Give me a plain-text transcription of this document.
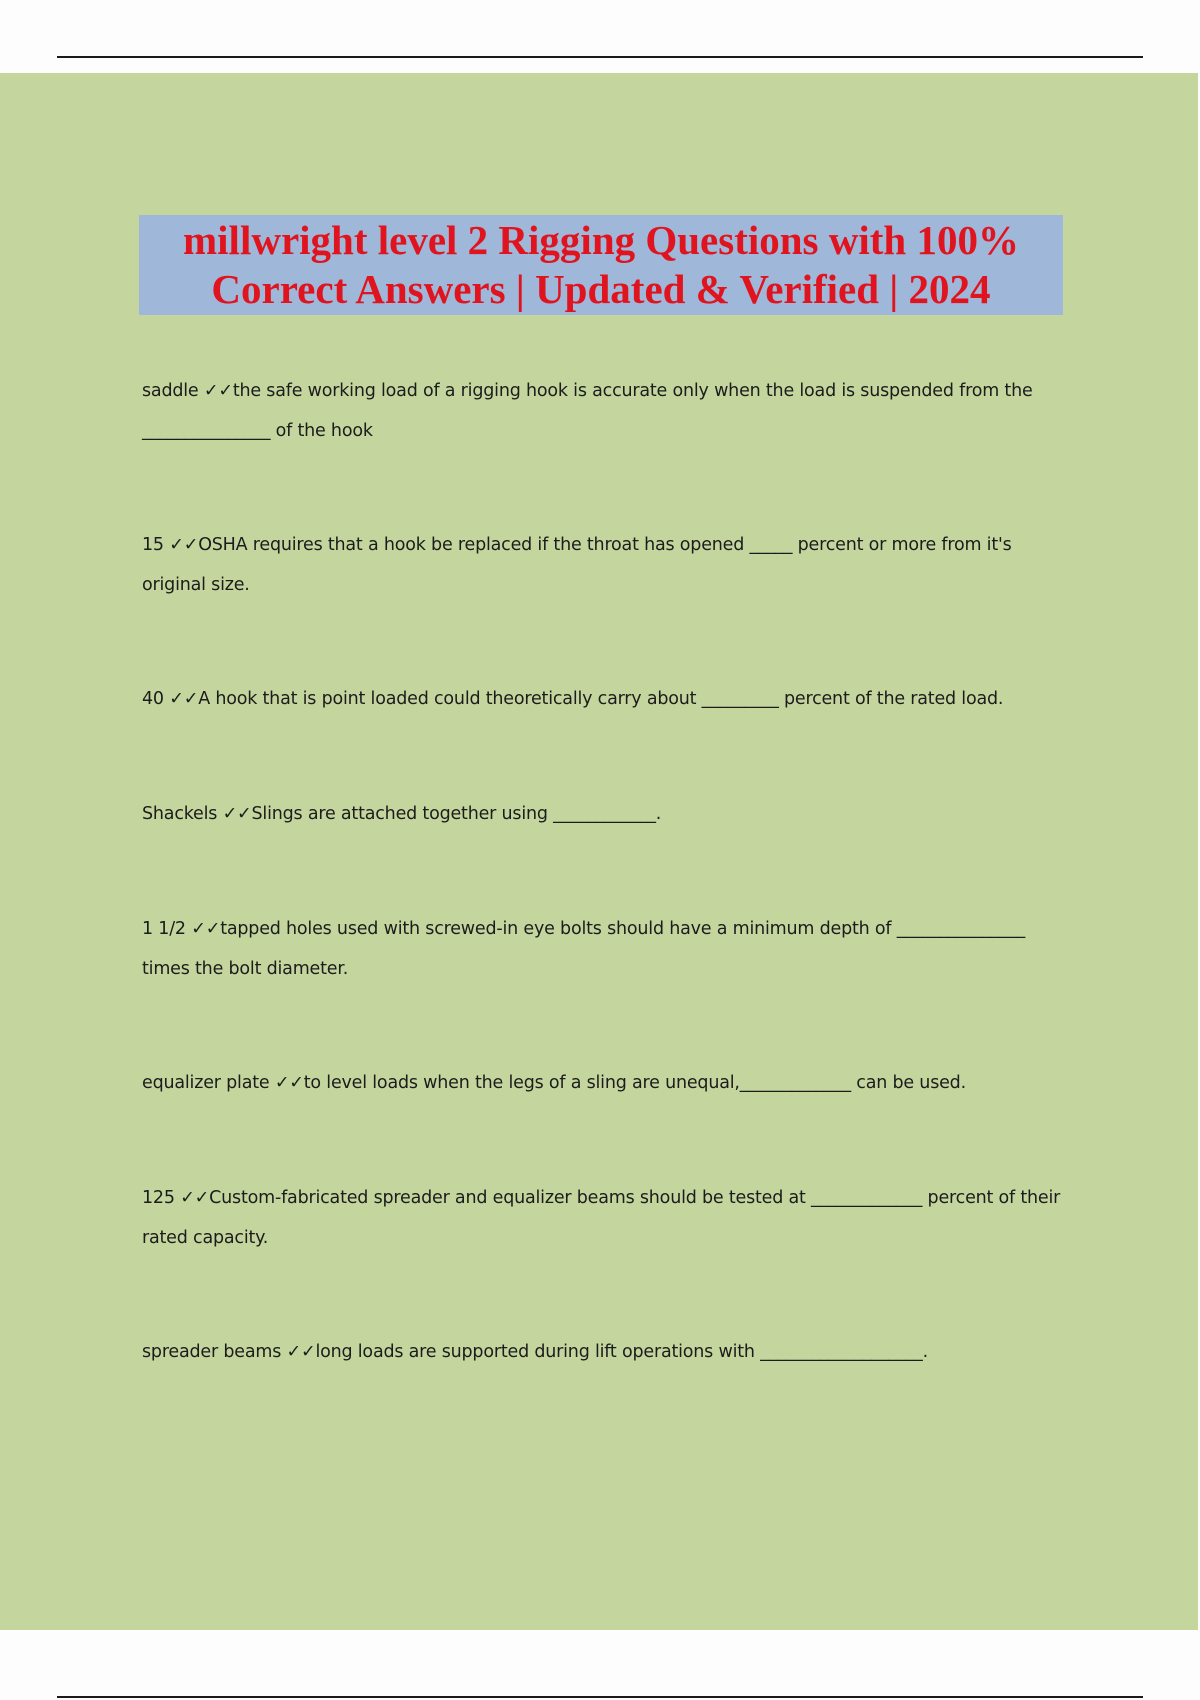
millwright level 2 Rigging Questions with 100%
Correct Answers | Updated & Verified | 2024
saddle ✓✓the safe working load of a rigging hook is accurate only when the load is suspended from the _______________ of the hook
15 ✓✓OSHA requires that a hook be replaced if the throat has opened _____ percent or more from it's original size.
40 ✓✓A hook that is point loaded could theoretically carry about _________ percent of the rated load.
Shackels ✓✓Slings are attached together using ____________.
1 1/2 ✓✓tapped holes used with screwed-in eye bolts should have a minimum depth of _______________ times the bolt diameter.
equalizer plate ✓✓to level loads when the legs of a sling are unequal,_____________ can be used.
125 ✓✓Custom-fabricated spreader and equalizer beams should be tested at _____________ percent of their rated capacity.
spreader beams ✓✓long loads are supported during lift operations with ___________________.
